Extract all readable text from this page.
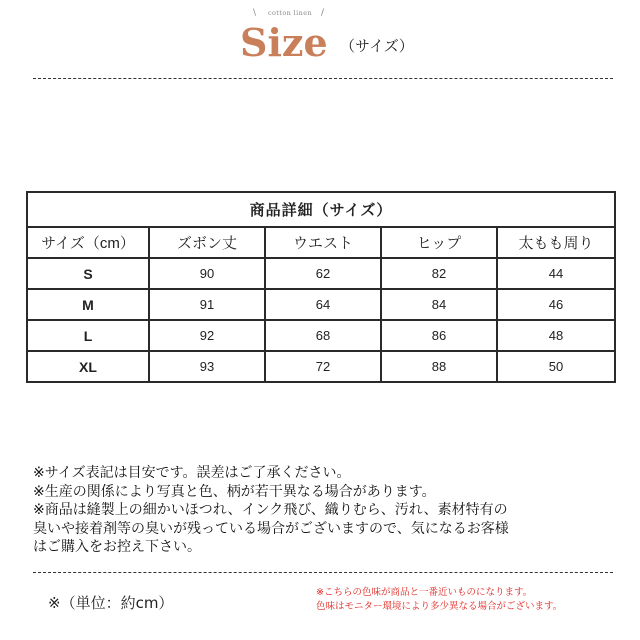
\	cotton linen /
Size （サイズ）
商品詳細（サイズ）				
サイズ（cm）	ズボン丈	ウエスト	ヒップ	太もも周り
S	90	62	82	44
M	91	64	84	46
L	92	68	86	48
XL	93	72	88	50

※サイズ表記は目安です。誤差はご了承ください。

※生産の関係により写真と色、柄が若干異なる場合があります。

※商品は縫製上の細かいほつれ、インク飛び、織りむら、汚れ、素材特有の

臭いや接着剤等の臭いが残っている場合がございますので、気になるお客様

はご購入をお控え下さい。

※（単位：約cm）

※こちらの色味が商品と一番近いものになります。

色味はモニター環境により多少異なる場合がございます。
